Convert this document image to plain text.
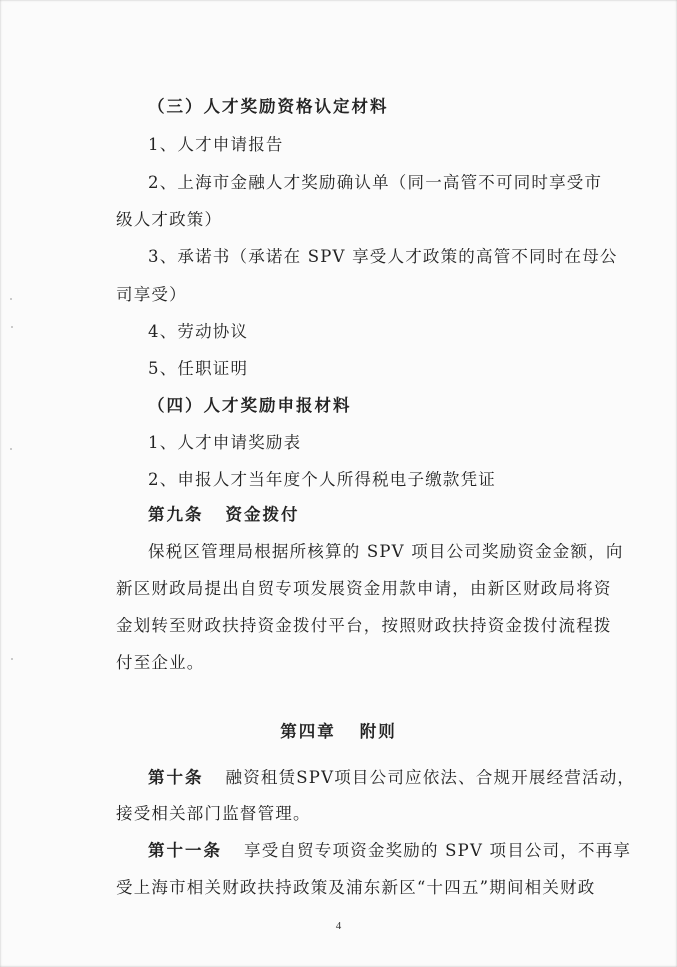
（三）人才奖励资格认定材料
1、人才申请报告
2、上海市金融人才奖励确认单（同一高管不可同时享受市
级人才政策）
3、承诺书（承诺在 SPV 享受人才政策的高管不同时在母公
司享受）
4、劳动协议
5、任职证明
（四）人才奖励申报材料
1、人才申请奖励表
2、申报人才当年度个人所得税电子缴款凭证
第九条 资金拨付
保税区管理局根据所核算的 SPV 项目公司奖励资金金额，向
新区财政局提出自贸专项发展资金用款申请，由新区财政局将资
金划转至财政扶持资金拨付平台，按照财政扶持资金拨付流程拨
付至企业。
第四章 附则
第十条 融资租赁SPV项目公司应依法、合规开展经营活动，
接受相关部门监督管理。
第十一条 享受自贸专项资金奖励的 SPV 项目公司，不再享
受上海市相关财政扶持政策及浦东新区“十四五”期间相关财政
4
